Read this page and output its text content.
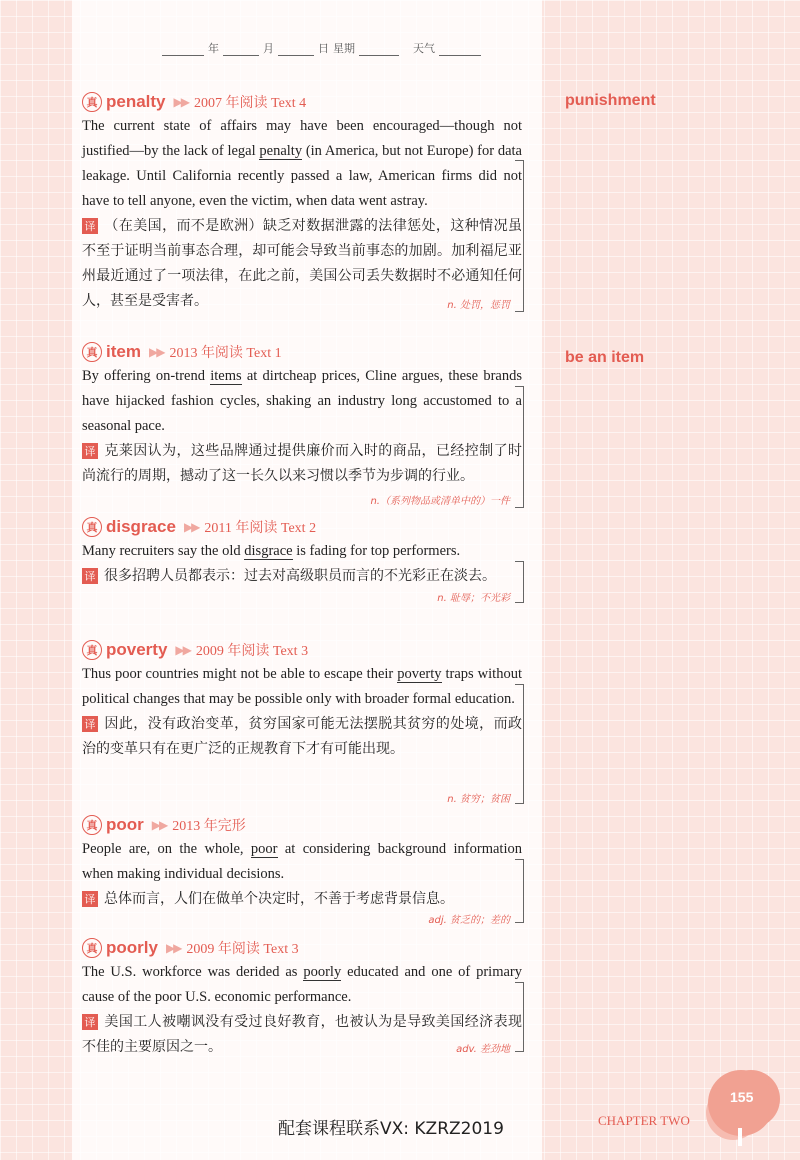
年	月	日 星期	天气
punishment
be an item
真 penalty ▶▶ 2007 年阅读 Text 4
The current state of affairs may have been encouraged—though not justified—by the lack of legal penalty (in America, but not Europe) for data leakage. Until California recently passed a law, American firms did not have to tell anyone, even the victim, when data went astray.
译 （在美国，而不是欧洲）缺乏对数据泄露的法律惩处，这种情况虽不至于证明当前事态合理，却可能会导致当前事态的加剧。加利福尼亚州最近通过了一项法律，在此之前，美国公司丢失数据时不必通知任何人，甚至是受害者。	n. 处罚，惩罚
真 item ▶▶ 2013 年阅读 Text 1
By offering on-trend items at dirtcheap prices, Cline argues, these brands have hijacked fashion cycles, shaking an industry long accustomed to a seasonal pace.
译 克莱因认为，这些品牌通过提供廉价而入时的商品，已经控制了时尚流行的周期，撼动了这一长久以来习惯以季节为步调的行业。
n.（系列物品或清单中的）一件
真 disgrace ▶▶ 2011 年阅读 Text 2
Many recruiters say the old disgrace is fading for top performers.
译 很多招聘人员都表示：过去对高级职员而言的不光彩正在淡去。
n. 耻辱；不光彩
真 poverty ▶▶ 2009 年阅读 Text 3
Thus poor countries might not be able to escape their poverty traps without political changes that may be possible only with broader formal education.
译 因此，没有政治变革，贫穷国家可能无法摆脱其贫穷的处境，而政治的变革只有在更广泛的正规教育下才有可能出现。
n. 贫穷；贫困
真 poor ▶▶ 2013 年完形
People are, on the whole, poor at considering background information when making individual decisions.
译 总体而言，人们在做单个决定时，不善于考虑背景信息。
adj. 贫乏的；差的
真 poorly ▶▶ 2009 年阅读 Text 3
The U.S. workforce was derided as poorly educated and one of primary cause of the poor U.S. economic performance.
译 美国工人被嘲讽没有受过良好教育，也被认为是导致美国经济表现不佳的主要原因之一。	adv. 差劲地
配套课程联系VX: KZRZ2019	CHAPTER TWO
155
